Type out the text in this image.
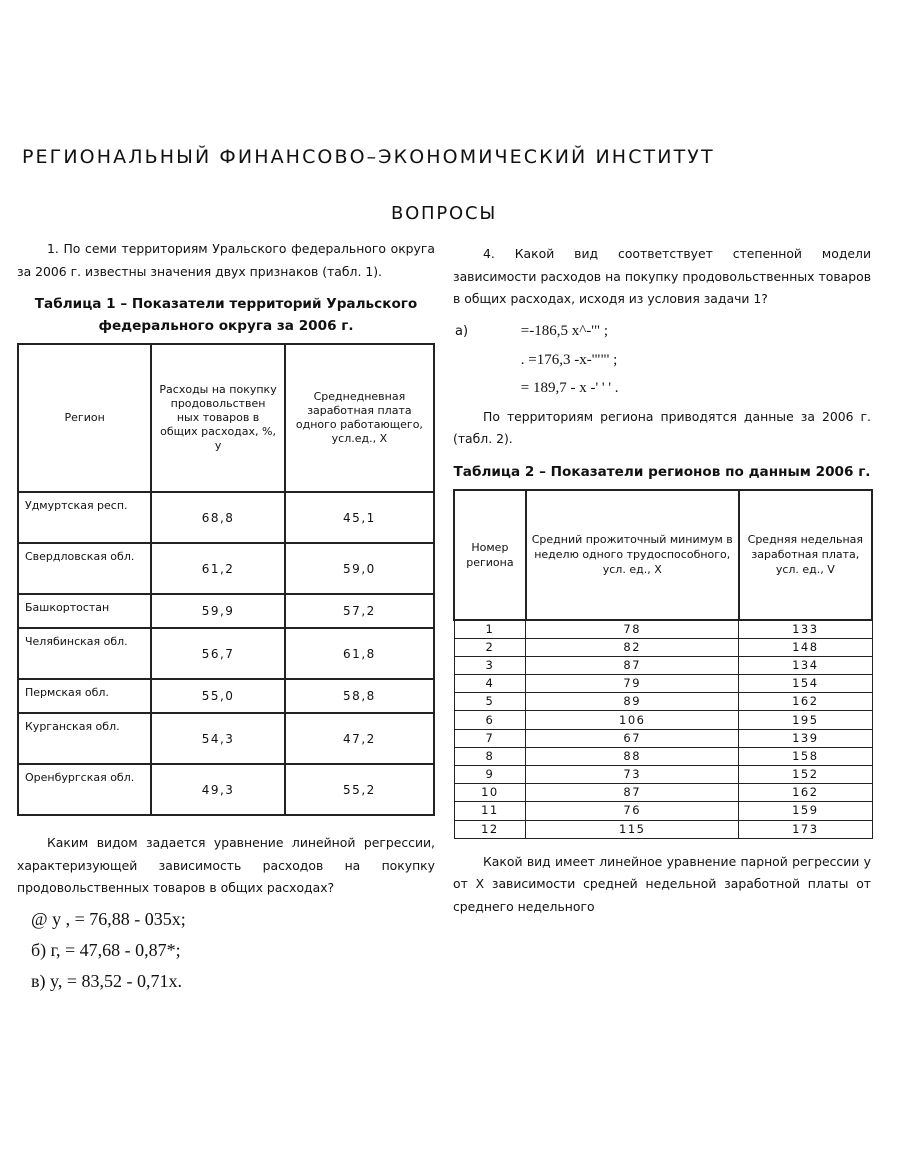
РЕГИОНАЛЬНЫЙ ФИНАНСОВО–ЭКОНОМИЧЕСКИЙ ИНСТИТУТ
ВОПРОСЫ

1. По семи территориям Уральского федерального округа за 2006 г. известны значения двух признаков (табл. 1).

Таблица 1 – Показатели территорий Уральского федерального округа за 2006 г.
Регион	Расходы на покупку продовольствен ных товаров в общих расходах, %, y	Среднедневная заработная плата одного работающего, усл.ед., X
Удмуртская респ.	68,8	45,1
Свердловская обл.	61,2	59,0
Башкортостан	59,9	57,2
Челябинская обл.	56,7	61,8
Пермская обл.	55,0	58,8
Курганская обл.	54,3	47,2
Оренбургская обл.	49,3	55,2

Каким видом задается уравнение линейной регрессии, характеризующей зависимость расходов на покупку продовольственных товаров в общих расходах?

@ y , = 76,88 - 035x;
б) г, = 47,68 - 0,87*;
в) y, = 83,52 - 0,71x.

4. Какой вид соответствует степенной модели зависимости расходов на покупку продовольственных товаров в общих расходах, исходя из условия задачи 1?

а)	=-186,5 x^-'" ;
. =176,3 -x-'""' ;
= 189,7 - x -' ' ' .

По территориям региона приводятся данные за 2006 г. (табл. 2).

Таблица 2 – Показатели регионов по данным 2006 г.
Номер региона	Средний прожиточный минимум в неделю одного трудоспособного, усл. ед., X	Средняя недельная заработная плата, усл. ед., V
1	78	133
2	82	148
3	87	134
4	79	154
5	89	162
6	106	195
7	67	139
8	88	158
9	73	152
10	87	162
11	76	159
12	115	173

Какой вид имеет линейное уравнение парной регрессии y от X зависимости средней недельной заработной платы от среднего недельного
